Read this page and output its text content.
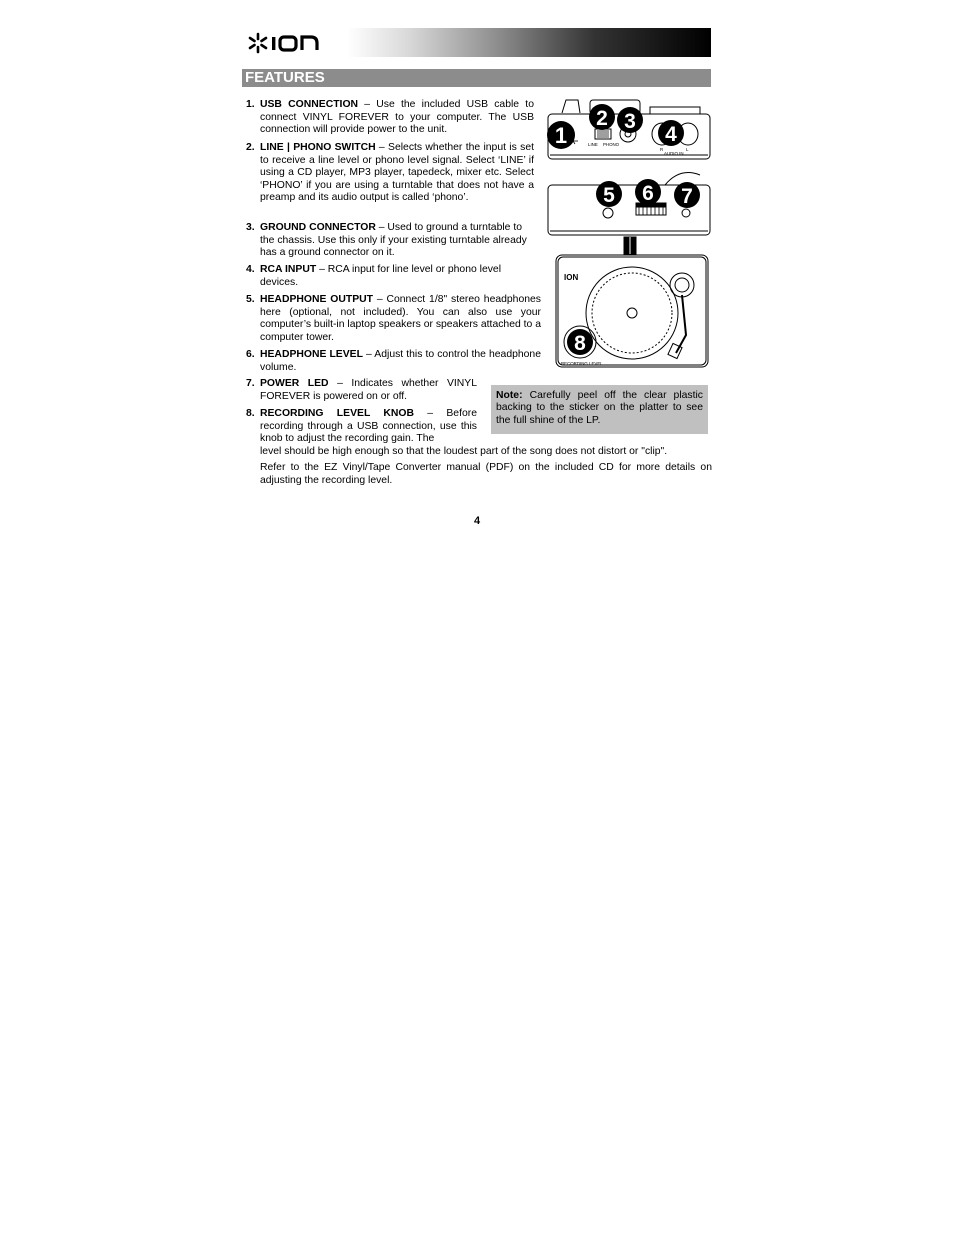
FEATURES
1. USB CONNECTION – Use the included USB cable to connect VINYL FOREVER to your computer. The USB connection will provide power to the unit.
2. LINE | PHONO SWITCH – Selects whether the input is set to receive a line level or phono level signal. Select ‘LINE’ if using a CD player, MP3 player, tapedeck, mixer etc. Select ‘PHONO’ if you are using a turntable that does not have a preamp and its audio output is called ‘phono’.
3. GROUND CONNECTOR – Used to ground a turntable to the chassis. Use this only if your existing turntable already has a ground connector on it.
4. RCA INPUT – RCA input for line level or phono level devices.
5. HEADPHONE OUTPUT – Connect 1/8" stereo headphones here (optional, not included). You can also use your computer’s built-in laptop speakers or speakers attached to a computer tower.
6. HEADPHONE LEVEL – Adjust this to control the headphone volume.
7. POWER LED – Indicates whether VINYL FOREVER is powered on or off.
8. RECORDING LEVEL KNOB – Before recording through a USB connection, use this knob to adjust the recording gain. The
level should be high enough so that the loudest part of the song does not distort or "clip".
Refer to the EZ Vinyl/Tape Converter manual (PDF) on the included CD for more details on adjusting the recording level.
Note: Carefully peel off the clear plastic backing to the sticker on the platter to see the full shine of the LP.
LINE PHONO
R	L
AUDIO IN
1
2 3
4
5 6 7
ION
8
RECORDING LEVEL
4
